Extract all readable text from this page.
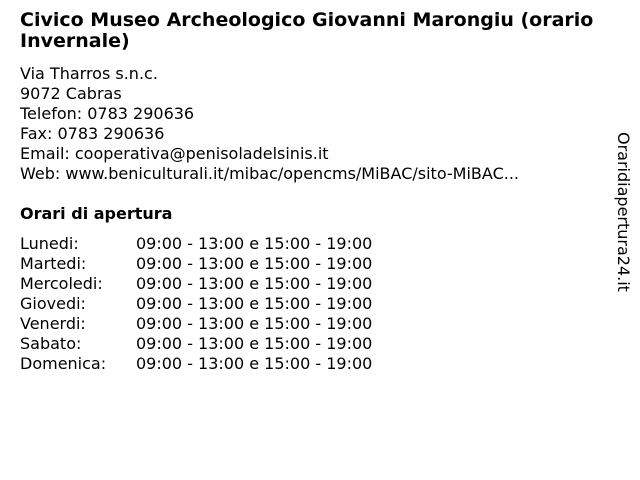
Civico Museo Archeologico Giovanni Marongiu (orario Invernale)
Via Tharros s.n.c.
9072 Cabras
Telefon: 0783 290636
Fax: 0783 290636
Email: cooperativa@penisoladelsinis.it
Web: www.beniculturali.it/mibac/opencms/MiBAC/sito-MiBAC...
Orari di apertura
Lunedi:	09:00 - 13:00 e 15:00 - 19:00
Martedi:	09:00 - 13:00 e 15:00 - 19:00
Mercoledi:	09:00 - 13:00 e 15:00 - 19:00
Giovedi:	09:00 - 13:00 e 15:00 - 19:00
Venerdi:	09:00 - 13:00 e 15:00 - 19:00
Sabato:	09:00 - 13:00 e 15:00 - 19:00
Domenica:	09:00 - 13:00 e 15:00 - 19:00
Oraridiapertura24.it
